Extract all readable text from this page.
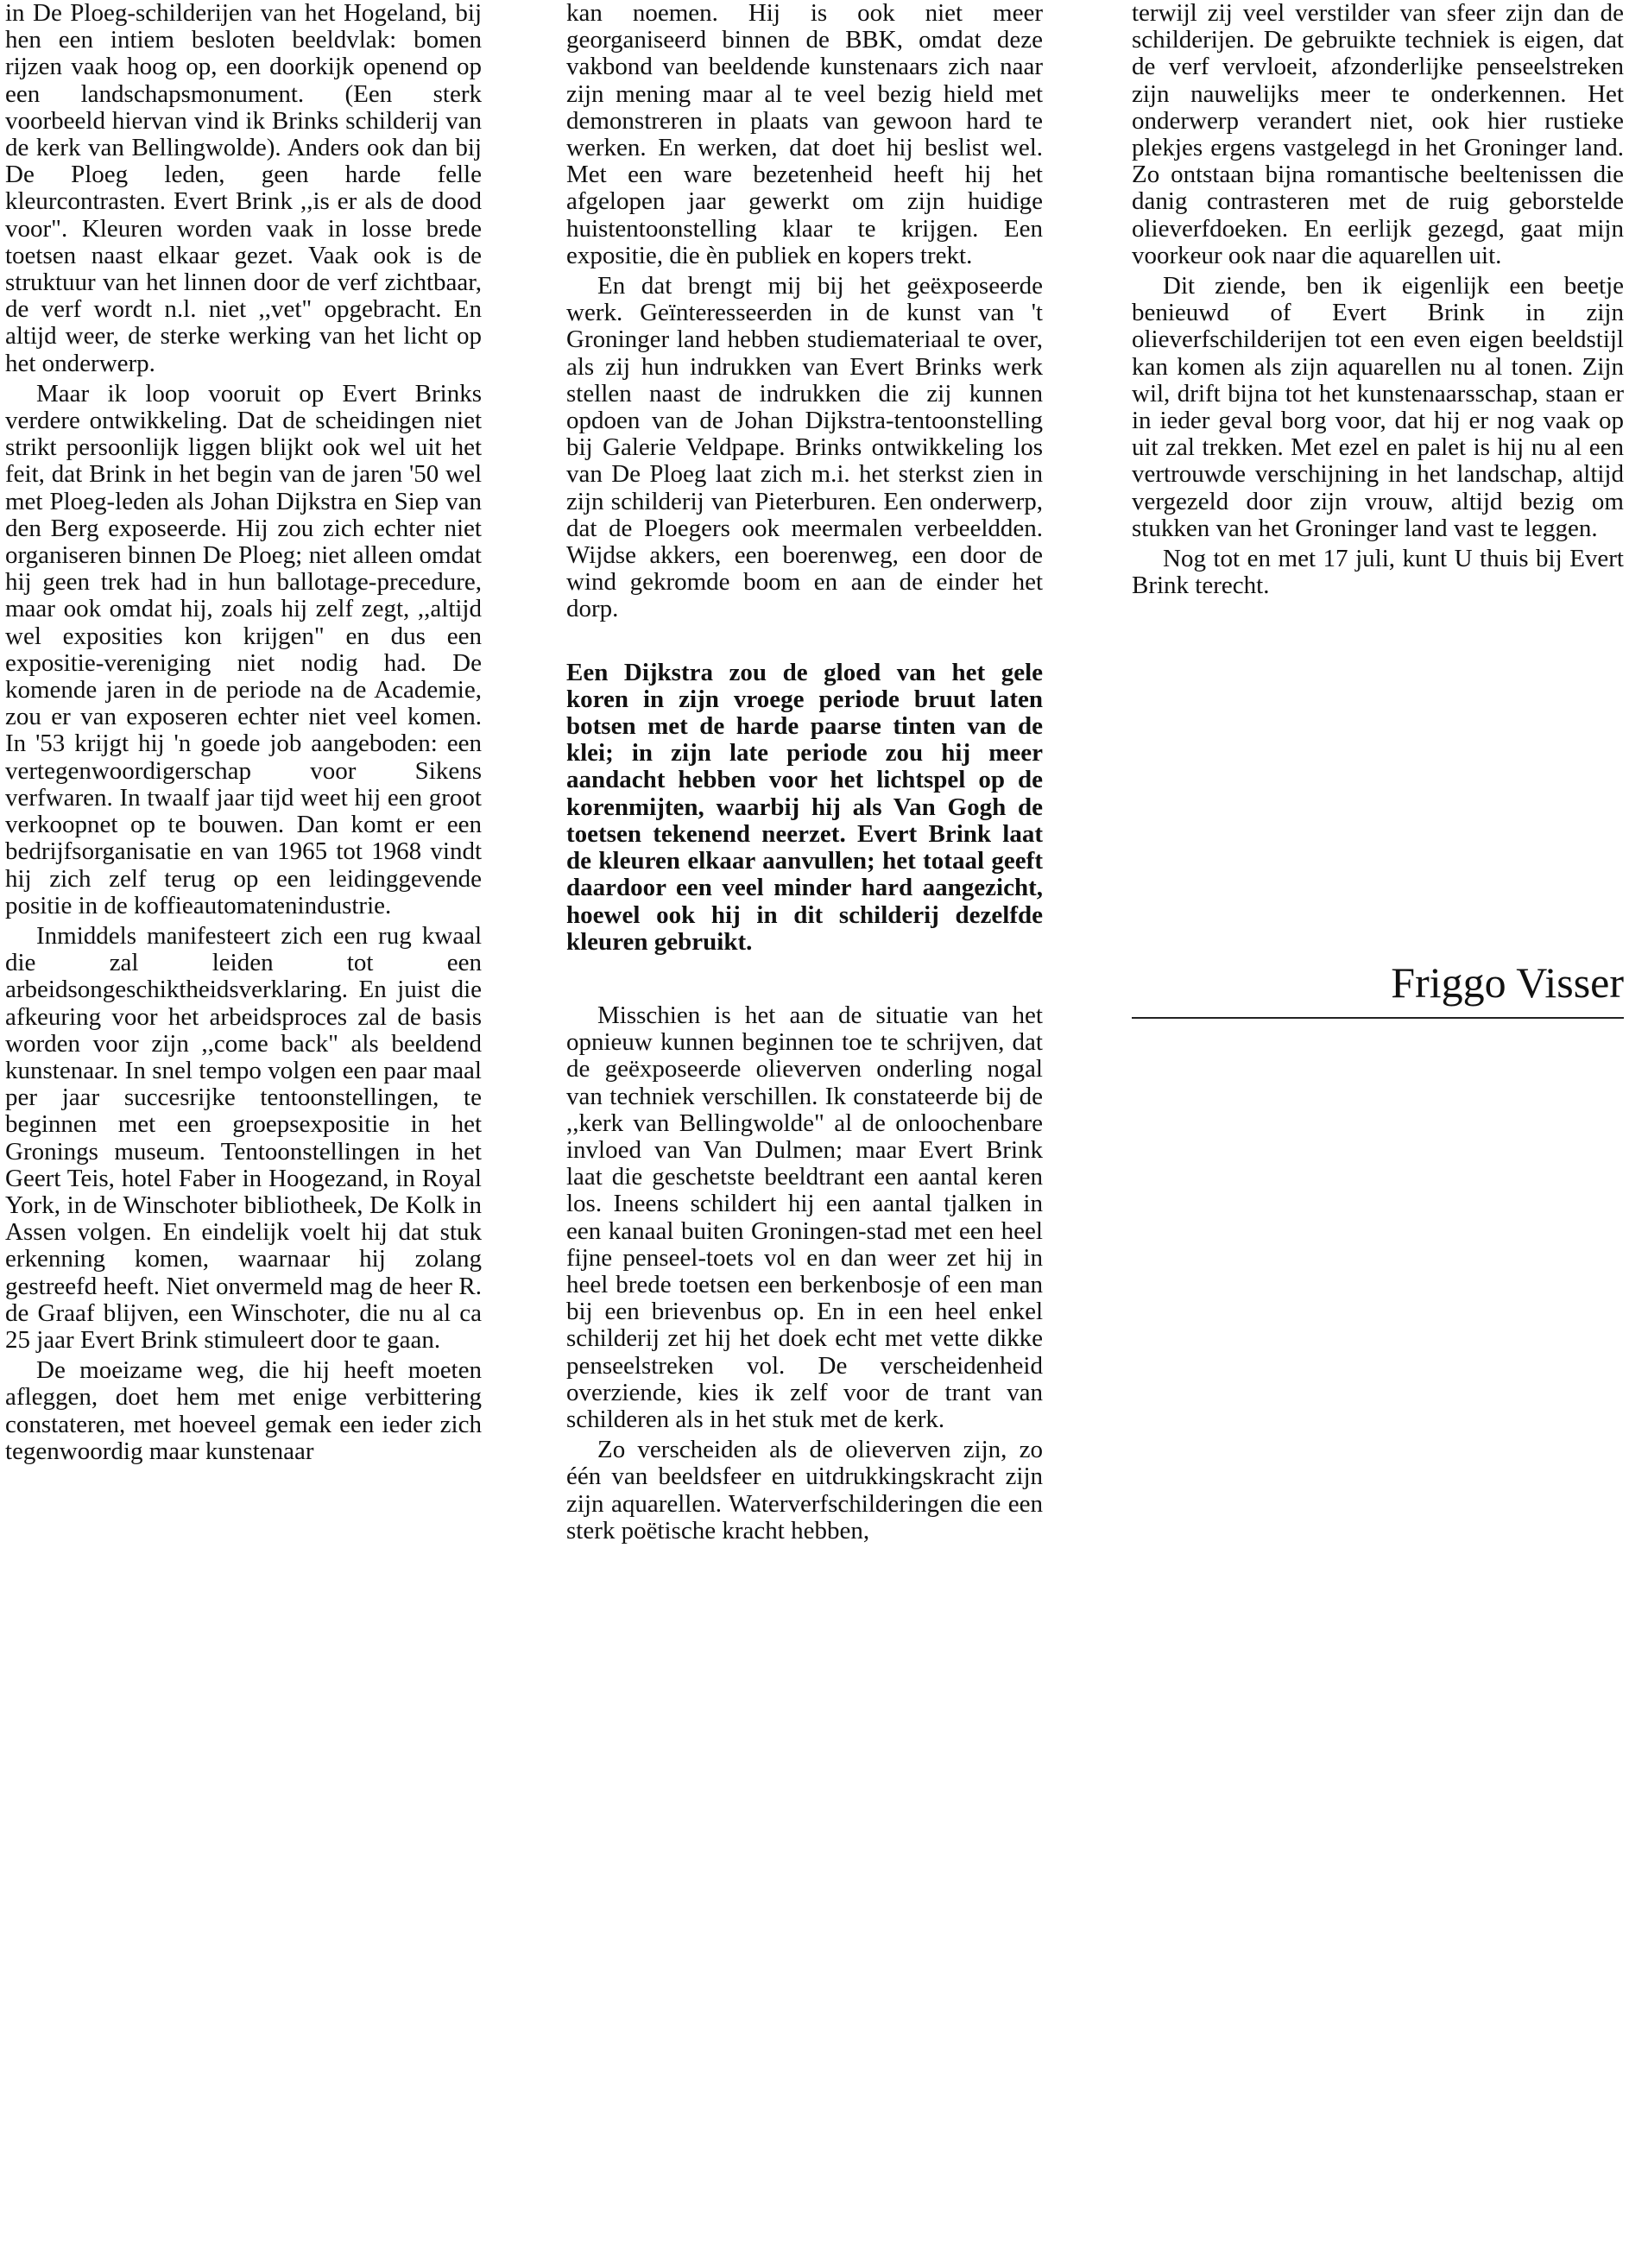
in De Ploeg-schilderijen van het Hogeland, bij hen een intiem besloten beeldvlak: bomen rijzen vaak hoog op, een doorkijk openend op een landschapsmonument. (Een sterk voorbeeld hiervan vind ik Brinks schilderij van de kerk van Bellingwolde). Anders ook dan bij De Ploeg leden, geen harde felle kleurcontrasten. Evert Brink ,,is er als de dood voor". Kleuren worden vaak in losse brede toetsen naast elkaar gezet. Vaak ook is de struktuur van het linnen door de verf zichtbaar, de verf wordt n.l. niet ,,vet" opgebracht. En altijd weer, de sterke werking van het licht op het onderwerp.

Maar ik loop vooruit op Evert Brinks verdere ontwikkeling. Dat de scheidingen niet strikt persoonlijk liggen blijkt ook wel uit het feit, dat Brink in het begin van de jaren '50 wel met Ploeg-leden als Johan Dijkstra en Siep van den Berg exposeerde. Hij zou zich echter niet organiseren binnen De Ploeg; niet alleen omdat hij geen trek had in hun ballotage-precedure, maar ook omdat hij, zoals hij zelf zegt, ,,altijd wel exposities kon krijgen" en dus een expositie-vereniging niet nodig had. De komende jaren in de periode na de Academie, zou er van exposeren echter niet veel komen. In '53 krijgt hij 'n goede job aangeboden: een vertegenwoordigerschap voor Sikens verfwaren. In twaalf jaar tijd weet hij een groot verkoopnet op te bouwen. Dan komt er een bedrijfsorganisatie en van 1965 tot 1968 vindt hij zich zelf terug op een leidinggevende positie in de koffieautomatenindustrie.

Inmiddels manifesteert zich een rug kwaal die zal leiden tot een arbeidsongeschiktheidsverklaring. En juist die afkeuring voor het arbeidsproces zal de basis worden voor zijn ,,come back" als beeldend kunstenaar. In snel tempo volgen een paar maal per jaar succesrijke tentoonstellingen, te beginnen met een groepsexpositie in het Gronings museum. Tentoonstellingen in het Geert Teis, hotel Faber in Hoogezand, in Royal York, in de Winschoter bibliotheek, De Kolk in Assen volgen. En eindelijk voelt hij dat stuk erkenning komen, waarnaar hij zolang gestreefd heeft. Niet onvermeld mag de heer R. de Graaf blijven, een Winschoter, die nu al ca 25 jaar Evert Brink stimuleert door te gaan.

De moeizame weg, die hij heeft moeten afleggen, doet hem met enige verbittering constateren, met hoeveel gemak een ieder zich tegenwoordig maar kunstenaar

kan noemen. Hij is ook niet meer georganiseerd binnen de BBK, omdat deze vakbond van beeldende kunstenaars zich naar zijn mening maar al te veel bezig hield met demonstreren in plaats van gewoon hard te werken. En werken, dat doet hij beslist wel. Met een ware bezetenheid heeft hij het afgelopen jaar gewerkt om zijn huidige huistentoonstelling klaar te krijgen. Een expositie, die èn publiek en kopers trekt.

En dat brengt mij bij het geëxposeerde werk. Geïnteresseerden in de kunst van 't Groninger land hebben studiemateriaal te over, als zij hun indrukken van Evert Brinks werk stellen naast de indrukken die zij kunnen opdoen van de Johan Dijkstra-tentoonstelling bij Galerie Veldpape. Brinks ontwikkeling los van De Ploeg laat zich m.i. het sterkst zien in zijn schilderij van Pieterburen. Een onderwerp, dat de Ploegers ook meermalen verbeeldden. Wijdse akkers, een boerenweg, een door de wind gekromde boom en aan de einder het dorp.

Een Dijkstra zou de gloed van het gele koren in zijn vroege periode bruut laten botsen met de harde paarse tinten van de klei; in zijn late periode zou hij meer aandacht hebben voor het lichtspel op de korenmijten, waarbij hij als Van Gogh de toetsen tekenend neerzet. Evert Brink laat de kleuren elkaar aanvullen; het totaal geeft daardoor een veel minder hard aangezicht, hoewel ook hij in dit schilderij dezelfde kleuren gebruikt.

Misschien is het aan de situatie van het opnieuw kunnen beginnen toe te schrijven, dat de geëxposeerde olieverven onderling nogal van techniek verschillen. Ik constateerde bij de ,,kerk van Bellingwolde" al de onloochenbare invloed van Van Dulmen; maar Evert Brink laat die geschetste beeldtrant een aantal keren los. Ineens schildert hij een aantal tjalken in een kanaal buiten Groningen-stad met een heel fijne penseel-toets vol en dan weer zet hij in heel brede toetsen een berkenbosje of een man bij een brievenbus op. En in een heel enkel schilderij zet hij het doek echt met vette dikke penseelstreken vol. De verscheidenheid overziende, kies ik zelf voor de trant van schilderen als in het stuk met de kerk.

Zo verscheiden als de olieverven zijn, zo één van beeldsfeer en uitdrukkingskracht zijn zijn aquarellen. Waterverfschilderingen die een sterk poëtische kracht hebben,

terwijl zij veel verstilder van sfeer zijn dan de schilderijen. De gebruikte techniek is eigen, dat de verf vervloeit, afzonderlijke penseelstreken zijn nauwelijks meer te onderkennen. Het onderwerp verandert niet, ook hier rustieke plekjes ergens vastgelegd in het Groninger land. Zo ontstaan bijna romantische beeltenissen die danig contrasteren met de ruig geborstelde olieverfdoeken. En eerlijk gezegd, gaat mijn voorkeur ook naar die aquarellen uit.

Dit ziende, ben ik eigenlijk een beetje benieuwd of Evert Brink in zijn olieverfschilderijen tot een even eigen beeldstijl kan komen als zijn aquarellen nu al tonen. Zijn wil, drift bijna tot het kunstenaarsschap, staan er in ieder geval borg voor, dat hij er nog vaak op uit zal trekken. Met ezel en palet is hij nu al een vertrouwde verschijning in het landschap, altijd vergezeld door zijn vrouw, altijd bezig om stukken van het Groninger land vast te leggen.

Nog tot en met 17 juli, kunt U thuis bij Evert Brink terecht.

Friggo Visser
